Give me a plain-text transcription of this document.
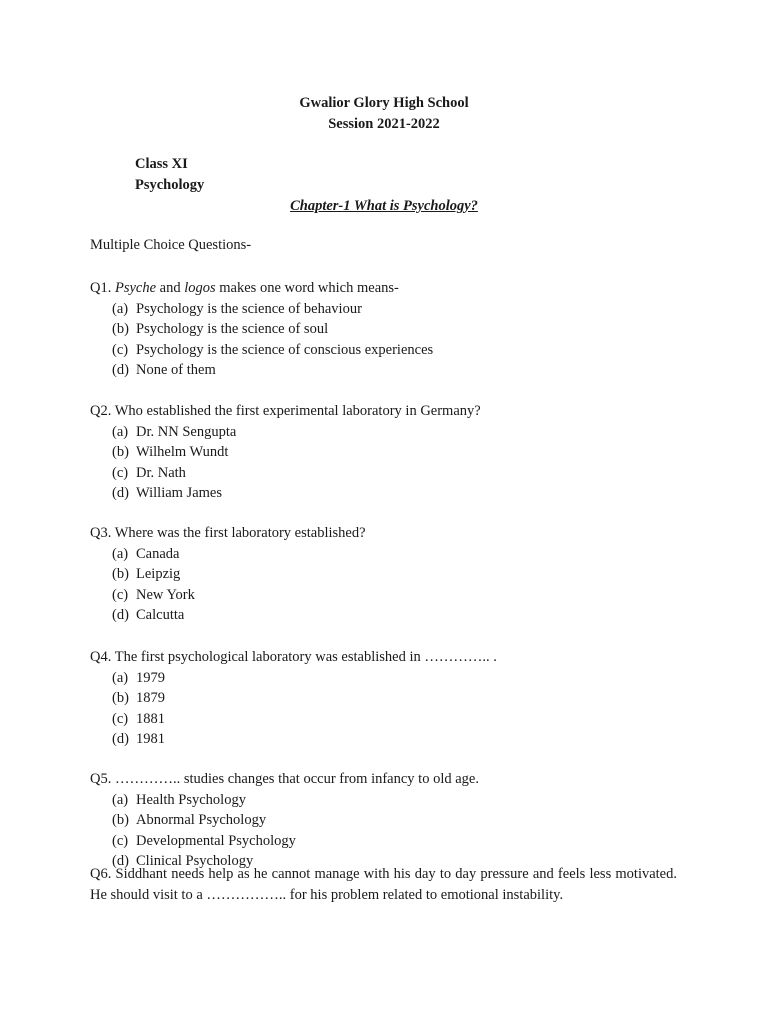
Gwalior Glory High School

Session 2021-2022

Class XI

Psychology

Chapter-1 What is Psychology?

Multiple Choice Questions-

Q1. Psyche and logos makes one word which means-

(a) Psychology is the science of behaviour
(b) Psychology is the science of soul
(c) Psychology is the science of conscious experiences
(d) None of them

Q2. Who established the first experimental laboratory in Germany?

(a) Dr. NN Sengupta
(b) Wilhelm Wundt
(c) Dr. Nath
(d) William James

Q3. Where was the first laboratory established?

(a) Canada
(b) Leipzig
(c) New York
(d) Calcutta

Q4. The first psychological laboratory was established in ………….. .

(a) 1979
(b) 1879
(c) 1881
(d) 1981

Q5. ………….. studies changes that occur from infancy to old age.

(a) Health Psychology
(b) Abnormal Psychology
(c) Developmental Psychology
(d) Clinical Psychology

Q6. Siddhant needs help as he cannot manage with his day to day pressure and feels less motivated. He should visit to a …………….. for his problem related to emotional instability.
